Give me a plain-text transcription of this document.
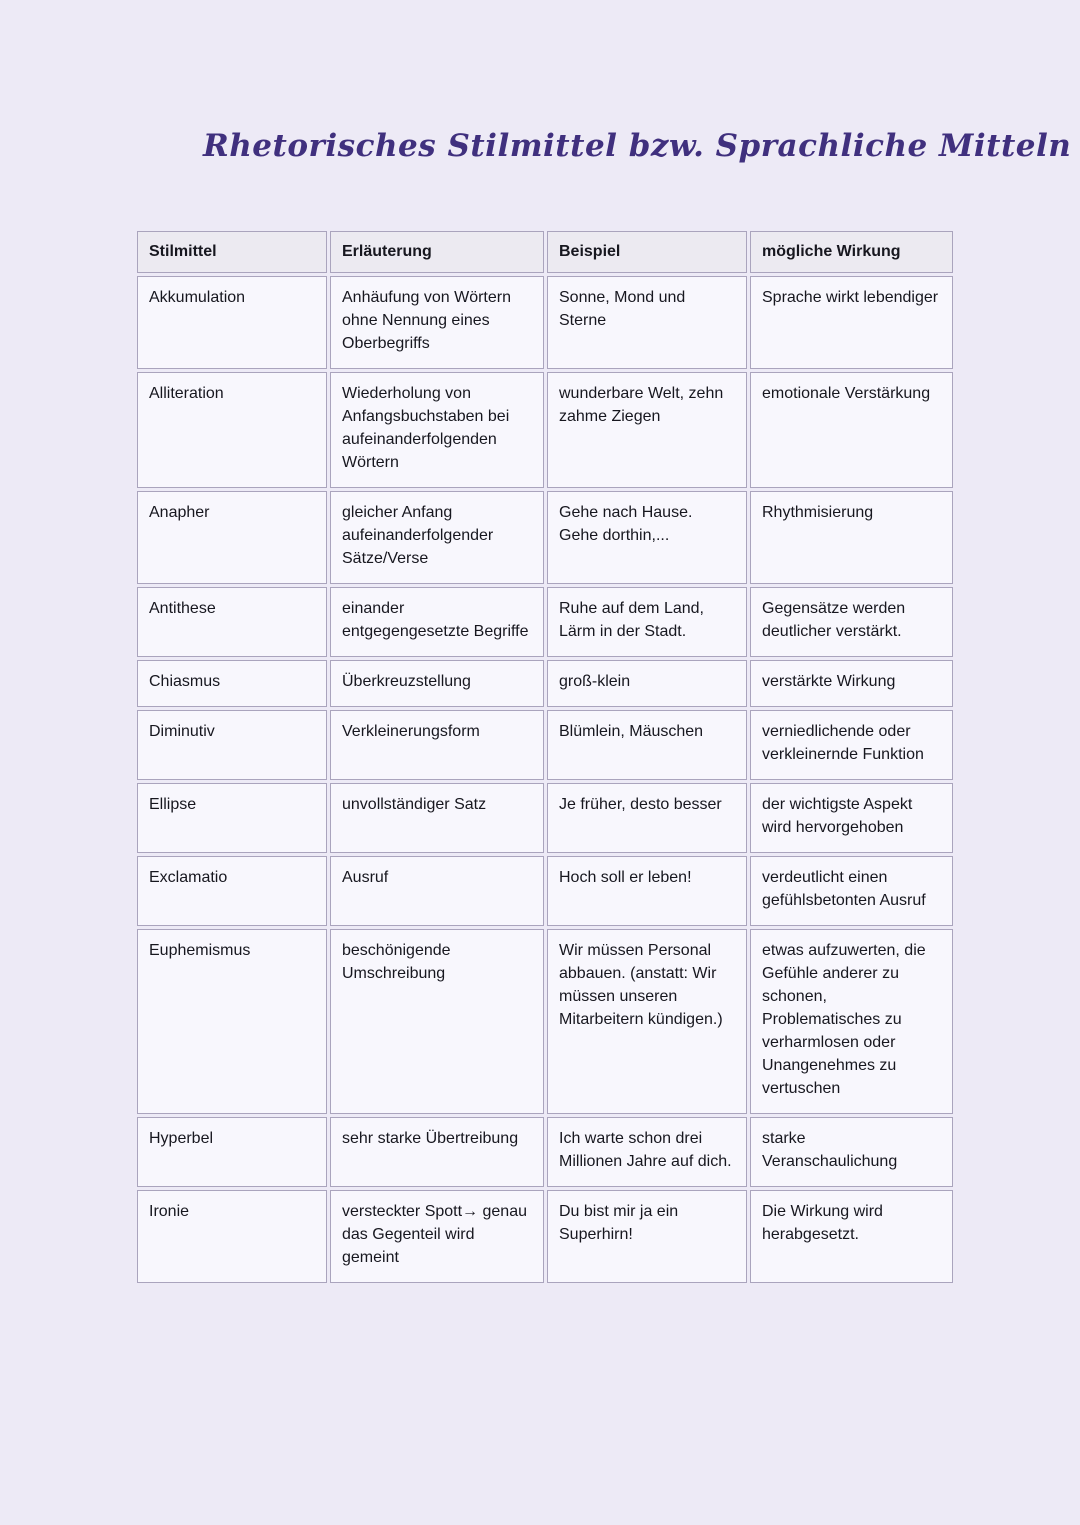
Rhetorisches Stilmittel bzw. Sprachliche Mitteln
Stilmittel	Erläuterung	Beispiel	mögliche Wirkung
Akkumulation	Anhäufung von Wörtern ohne Nennung eines Oberbegriffs	Sonne, Mond und Sterne	Sprache wirkt lebendiger
Alliteration	Wiederholung von Anfangsbuchstaben bei aufeinanderfolgenden Wörtern	wunderbare Welt, zehn zahme Ziegen	emotionale Verstärkung
Anapher	gleicher Anfang aufeinanderfolgender Sätze/Verse	Gehe nach Hause. Gehe dorthin,...	Rhythmisierung
Antithese	einander entgegengesetzte Begriffe	Ruhe auf dem Land, Lärm in der Stadt.	Gegensätze werden deutlicher verstärkt.
Chiasmus	Überkreuzstellung	groß-klein	verstärkte Wirkung
Diminutiv	Verkleinerungsform	Blümlein, Mäuschen	verniedlichende oder verkleinernde Funktion
Ellipse	unvollständiger Satz	Je früher, desto besser	der wichtigste Aspekt wird hervorgehoben
Exclamatio	Ausruf	Hoch soll er leben!	verdeutlicht einen gefühlsbetonten Ausruf
Euphemismus	beschönigende Umschreibung	Wir müssen Personal abbauen. (anstatt: Wir müssen unseren Mitarbeitern kündigen.)	etwas aufzuwerten, die Gefühle anderer zu schonen, Problematisches zu verharmlosen oder Unangenehmes zu vertuschen
Hyperbel	sehr starke Übertreibung	Ich warte schon drei Millionen Jahre auf dich.	starke Veranschaulichung
Ironie	versteckter Spott→ genau das Gegenteil wird gemeint	Du bist mir ja ein Superhirn!	Die Wirkung wird herabgesetzt.
